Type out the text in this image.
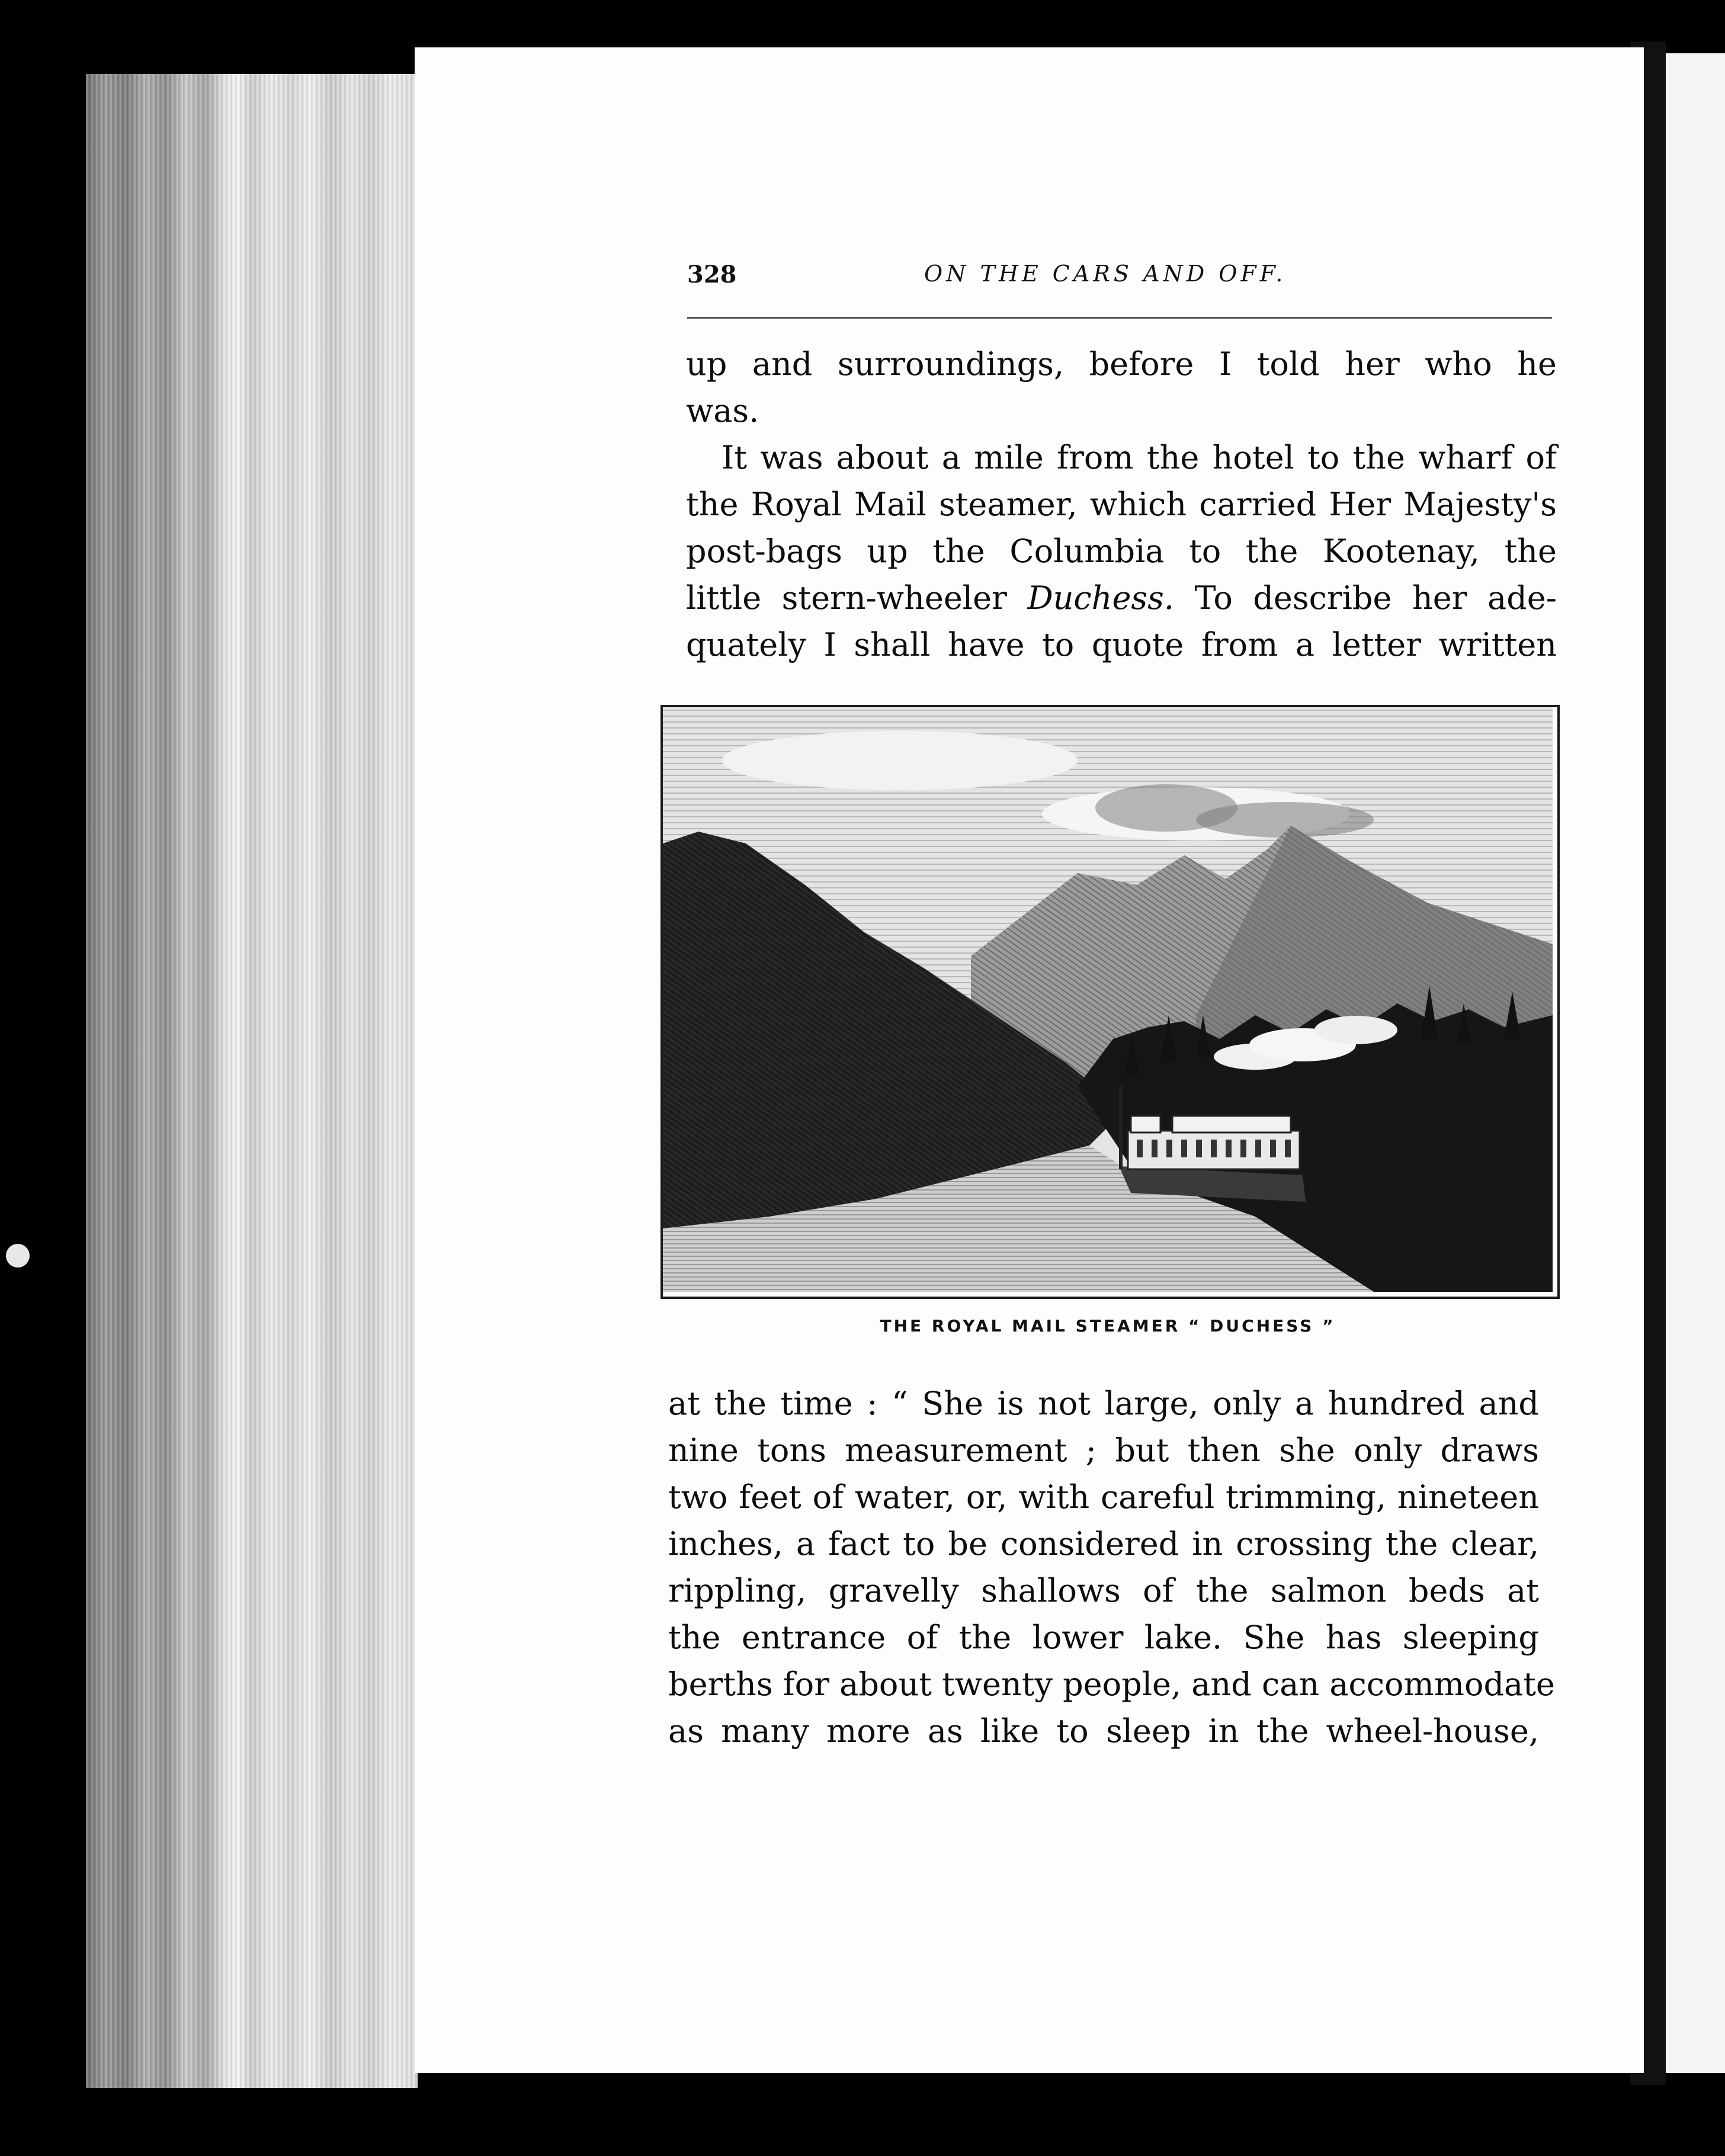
328	ON THE CARS AND OFF.
up and surroundings, before I told her who he
was.
It was about a mile from the hotel to the wharf of
the Royal Mail steamer, which carried Her Majesty's
post-bags up the Columbia to the Kootenay, the
little stern-wheeler Duchess. To describe her ade-
quately I shall have to quote from a letter written
THE ROYAL MAIL STEAMER “ DUCHESS ”
at the time : “ She is not large, only a hundred and
nine tons measurement ; but then she only draws
two feet of water, or, with careful trimming, nineteen
inches, a fact to be considered in crossing the clear,
rippling, gravelly shallows of the salmon beds at
the entrance of the lower lake. She has sleeping
berths for about twenty people, and can accommodate
as many more as like to sleep in the wheel-house,
